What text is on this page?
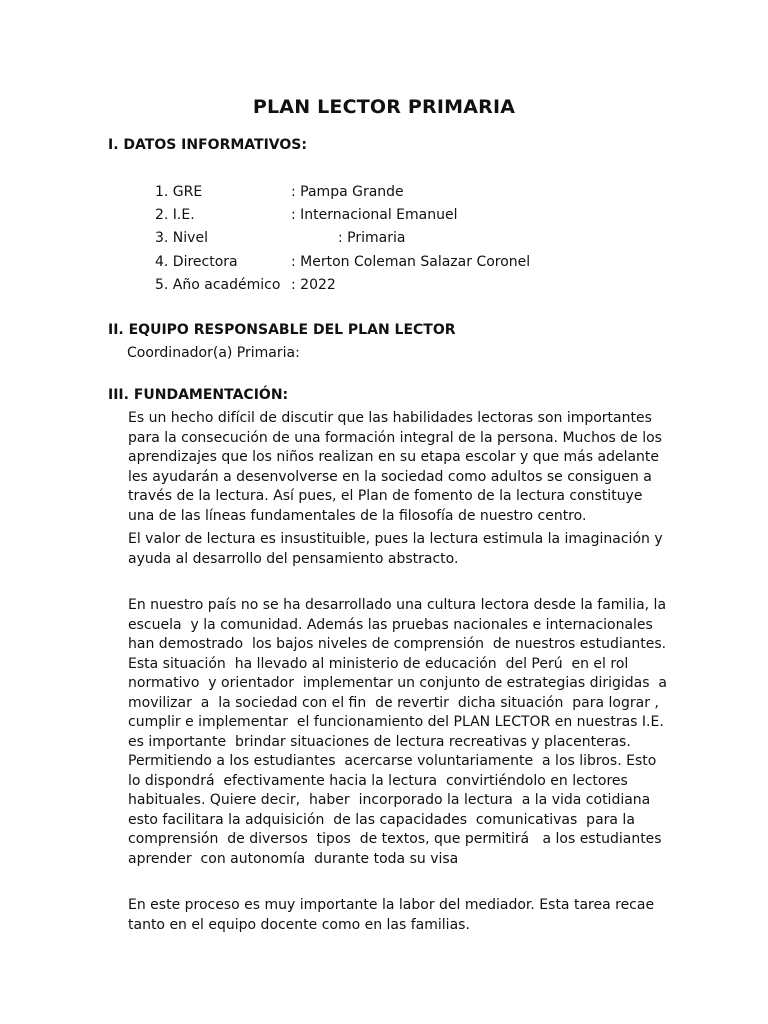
PLAN LECTOR PRIMARIA
I. DATOS INFORMATIVOS:
1. GRE	: Pampa Grande
2. I.E.	: Internacional Emanuel
3. Nivel	: Primaria
4. Directora	: Merton Coleman Salazar Coronel
5. Año académico : 2022
II. EQUIPO RESPONSABLE DEL PLAN LECTOR
Coordinador(a) Primaria:
III. FUNDAMENTACIÓN:
Es un hecho difícil de discutir que las habilidades lectoras son importantes
para la consecución de una formación integral de la persona. Muchos de los
aprendizajes que los niños realizan en su etapa escolar y que más adelante
les ayudarán a desenvolverse en la sociedad como adultos se consiguen a
través de la lectura. Así pues, el Plan de fomento de la lectura constituye
una de las líneas fundamentales de la filosofía de nuestro centro.
El valor de lectura es insustituible, pues la lectura estimula la imaginación y
ayuda al desarrollo del pensamiento abstracto.
En nuestro país no se ha desarrollado una cultura lectora desde la familia, la
escuela  y la comunidad. Además las pruebas nacionales e internacionales
han demostrado  los bajos niveles de comprensión  de nuestros estudiantes.
Esta situación  ha llevado al ministerio de educación  del Perú  en el rol
normativo  y orientador  implementar un conjunto de estrategias dirigidas  a
movilizar  a  la sociedad con el fin  de revertir  dicha situación  para lograr ,
cumplir e implementar  el funcionamiento del PLAN LECTOR en nuestras I.E.
es importante  brindar situaciones de lectura recreativas y placenteras.
Permitiendo a los estudiantes  acercarse voluntariamente  a los libros. Esto
lo dispondrá  efectivamente hacia la lectura  convirtiéndolo en lectores
habituales. Quiere decir,  haber  incorporado la lectura  a la vida cotidiana
esto facilitara la adquisición  de las capacidades  comunicativas  para la
comprensión  de diversos  tipos  de textos, que permitirá   a los estudiantes
aprender  con autonomía  durante toda su visa
En este proceso es muy importante la labor del mediador. Esta tarea recae
tanto en el equipo docente como en las familias.
